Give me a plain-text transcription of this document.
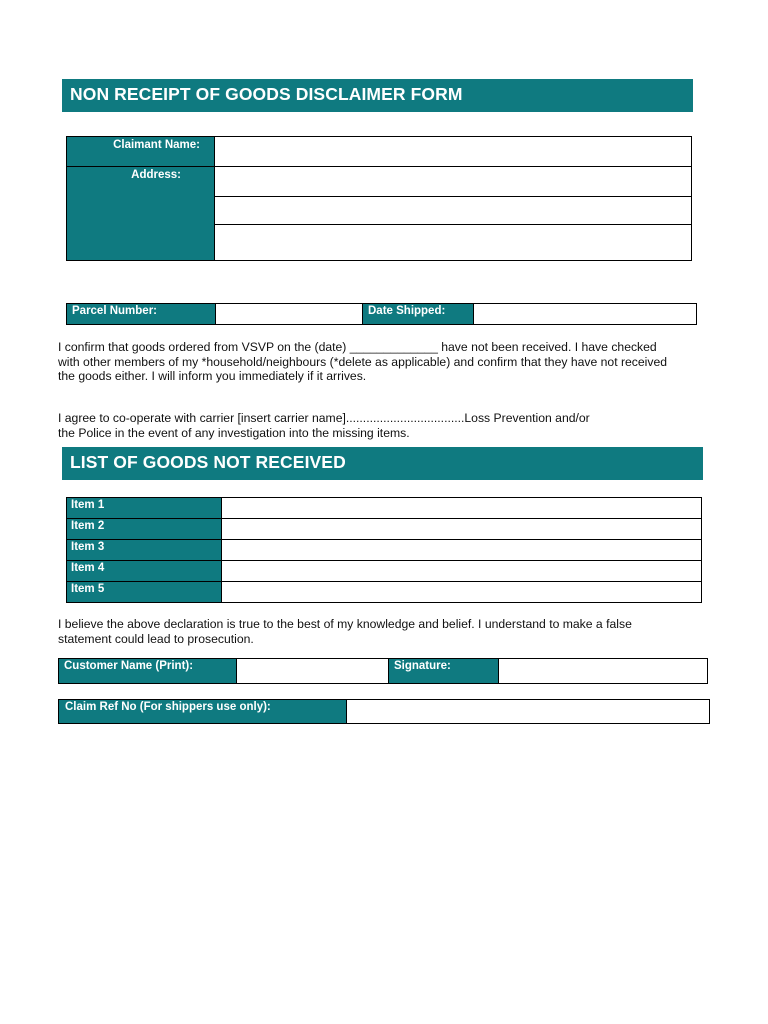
NON RECEIPT OF GOODS DISCLAIMER FORM
Claimant Name:
Address:
Parcel Number:	Date Shipped:
I confirm that goods ordered from VSVP on the (date) _____________ have not been received. I have checked
with other members of my *household/neighbours (*delete as applicable) and confirm that they have not received
the goods either. I will inform you immediately if it arrives.
I agree to co-operate with carrier [insert carrier name]...................................Loss Prevention and/or
the Police in the event of any investigation into the missing items.
LIST OF GOODS NOT RECEIVED
Item 1
Item 2
Item 3
Item 4
Item 5
I believe the above declaration is true to the best of my knowledge and belief. I understand to make a false
statement could lead to prosecution.
Customer Name (Print):	Signature:
Claim Ref No (For shippers use only):
